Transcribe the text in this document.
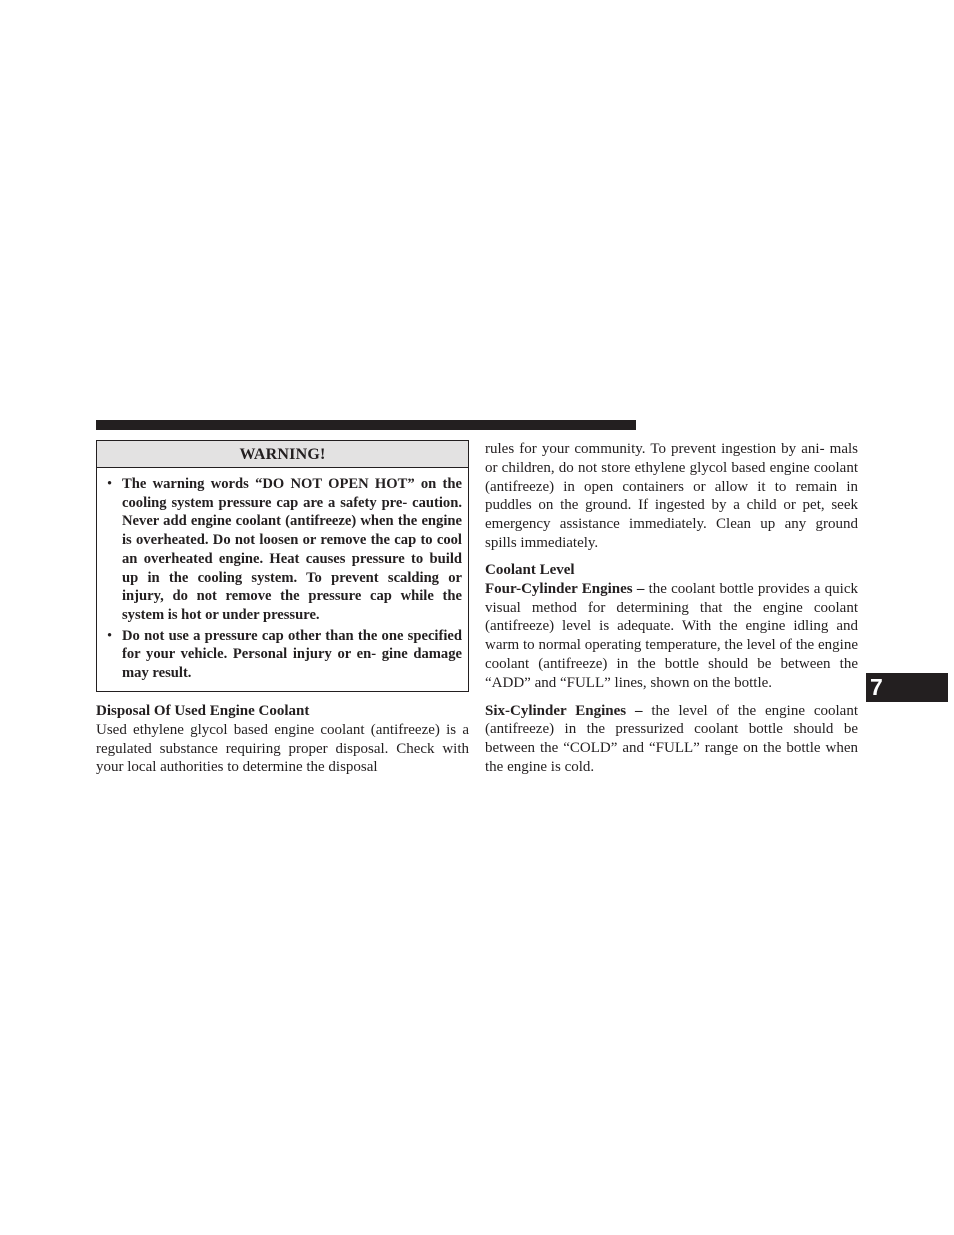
WARNING!
• The warning words “DO NOT OPEN HOT” on the cooling system pressure cap are a safety pre- caution. Never add engine coolant (antifreeze) when the engine is overheated. Do not loosen or remove the cap to cool an overheated engine. Heat causes pressure to build up in the cooling system. To prevent scalding or injury, do not remove the pressure cap while the system is hot or under pressure.
• Do not use a pressure cap other than the one specified for your vehicle. Personal injury or en- gine damage may result.
Disposal Of Used Engine Coolant

Used ethylene glycol based engine coolant (antifreeze) is a regulated substance requiring proper disposal. Check with your local authorities to determine the disposal

rules for your community. To prevent ingestion by ani- mals or children, do not store ethylene glycol based engine coolant (antifreeze) in open containers or allow it to remain in puddles on the ground. If ingested by a child or pet, seek emergency assistance immediately. Clean up any ground spills immediately.

Coolant Level

Four-Cylinder Engines – the coolant bottle provides a quick visual method for determining that the engine coolant (antifreeze) level is adequate. With the engine idling and warm to normal operating temperature, the level of the engine coolant (antifreeze) in the bottle should be between the “ADD” and “FULL” lines, shown on the bottle.

Six-Cylinder Engines – the level of the engine coolant (antifreeze) in the pressurized coolant bottle should be between the “COLD” and “FULL” range on the bottle when the engine is cold.

7
